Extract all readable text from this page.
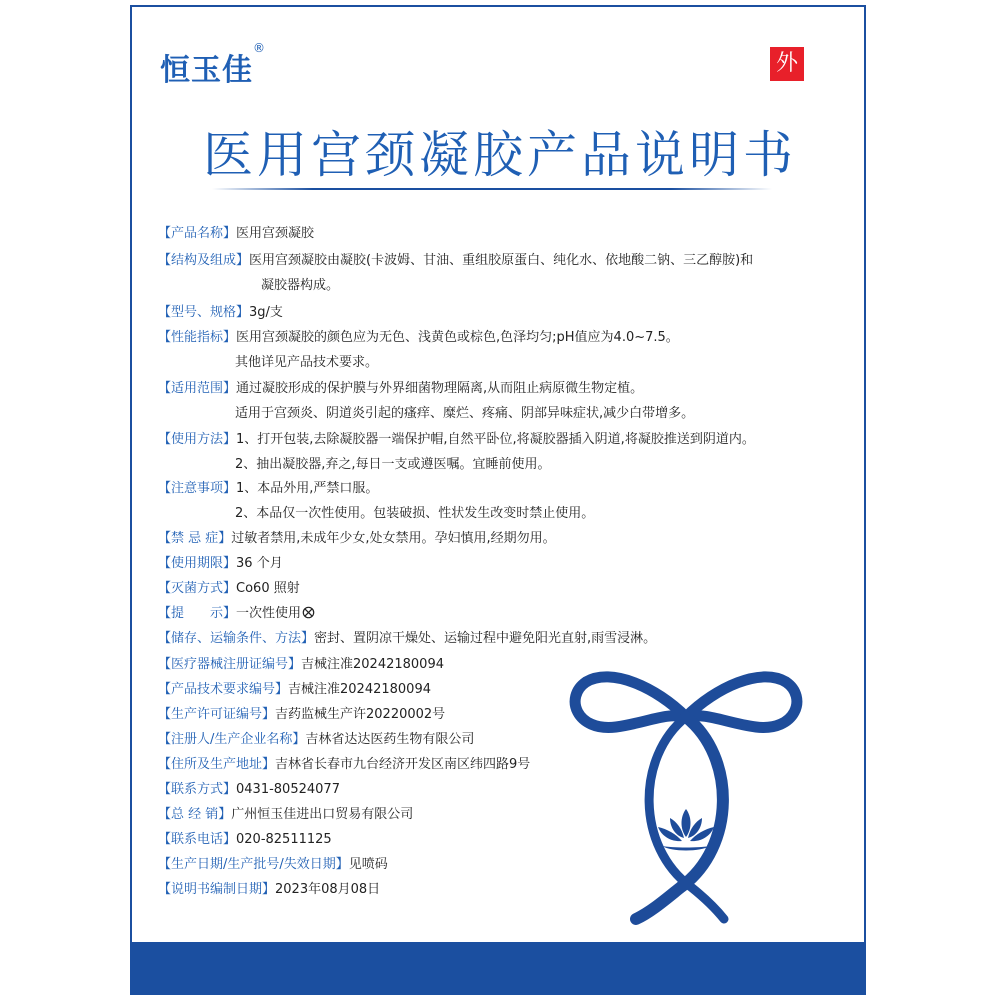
恒玉佳®
外
医用宫颈凝胶产品说明书
【产品名称】医用宫颈凝胶
【结构及组成】医用宫颈凝胶由凝胶(卡波姆、甘油、重组胶原蛋白、纯化水、依地酸二钠、三乙醇胺)和
凝胶器构成。
【型号、规格】3g/支
【性能指标】医用宫颈凝胶的颜色应为无色、浅黄色或棕色,色泽均匀;pH值应为4.0~7.5。
其他详见产品技术要求。
【适用范围】通过凝胶形成的保护膜与外界细菌物理隔离,从而阻止病原微生物定植。
适用于宫颈炎、阴道炎引起的瘙痒、糜烂、疼痛、阴部异味症状,减少白带增多。
【使用方法】1、打开包装,去除凝胶器一端保护帽,自然平卧位,将凝胶器插入阴道,将凝胶推送到阴道内。
2、抽出凝胶器,弃之,每日一支或遵医嘱。宜睡前使用。
【注意事项】1、本品外用,严禁口服。
2、本品仅一次性使用。包装破损、性状发生改变时禁止使用。
【禁 忌 症】过敏者禁用,未成年少女,处女禁用。孕妇慎用,经期勿用。
【使用期限】36 个月
【灭菌方式】Co60 照射
【提　　示】一次性使用
【储存、运输条件、方法】密封、置阴凉干燥处、运输过程中避免阳光直射,雨雪浸淋。
【医疗器械注册证编号】吉械注准20242180094
【产品技术要求编号】吉械注准20242180094
【生产许可证编号】吉药监械生产许20220002号
【注册人/生产企业名称】吉林省达达医药生物有限公司
【住所及生产地址】吉林省长春市九台经济开发区南区纬四路9号
【联系方式】0431-80524077
【总 经 销】广州恒玉佳进出口贸易有限公司
【联系电话】020-82511125
【生产日期/生产批号/失效日期】见喷码
【说明书编制日期】2023年08月08日
